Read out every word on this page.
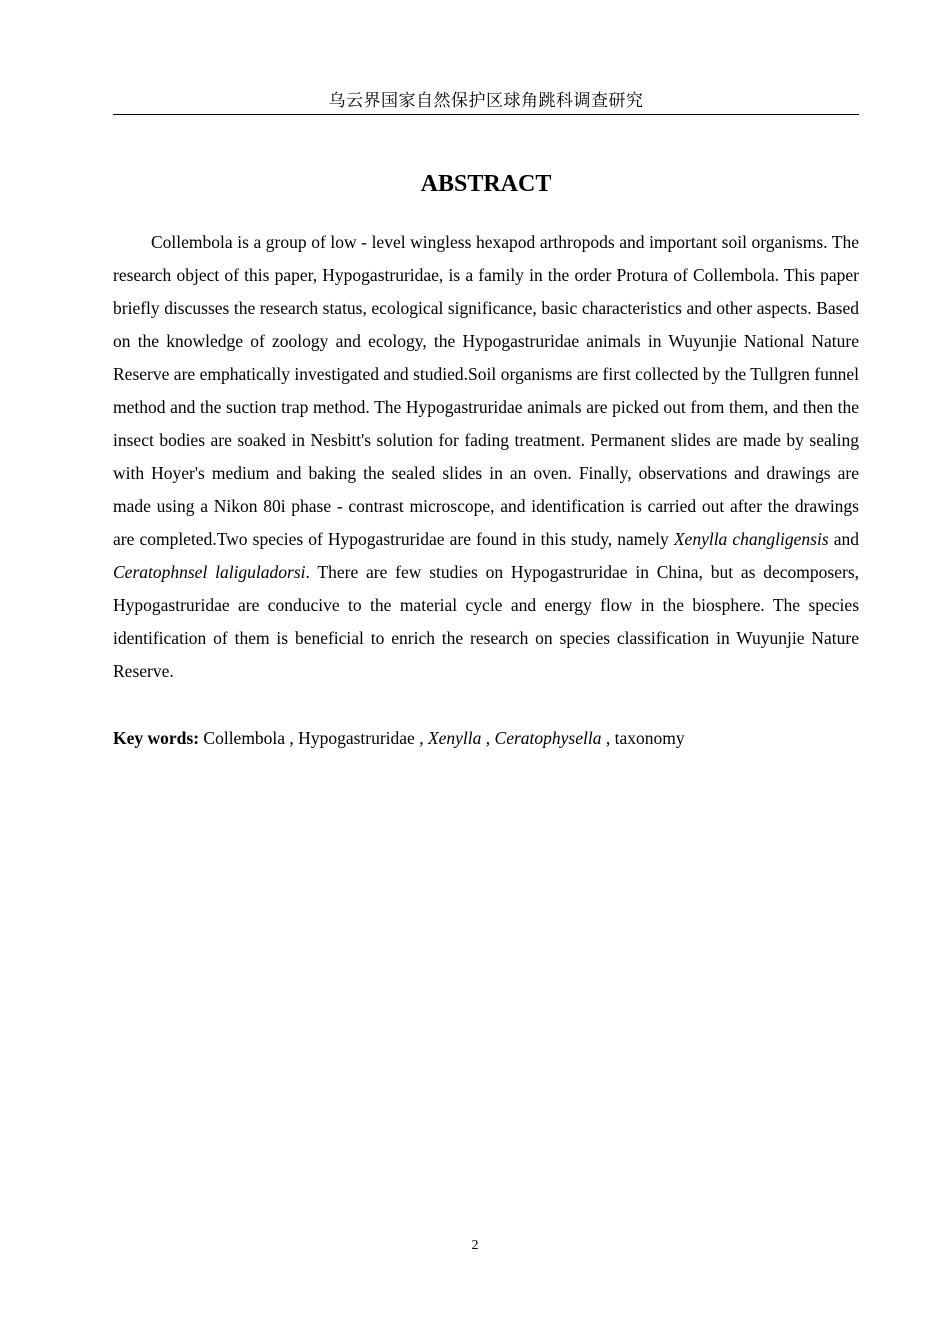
乌云界国家自然保护区球角跳科调查研究
ABSTRACT

Collembola is a group of low - level wingless hexapod arthropods and important soil organisms. The research object of this paper, Hypogastruridae, is a family in the order Protura of Collembola. This paper briefly discusses the research status, ecological significance, basic characteristics and other aspects. Based on the knowledge of zoology and ecology, the Hypogastruridae animals in Wuyunjie National Nature Reserve are emphatically investigated and studied.Soil organisms are first collected by the Tullgren funnel method and the suction trap method. The Hypogastruridae animals are picked out from them, and then the insect bodies are soaked in Nesbitt's solution for fading treatment. Permanent slides are made by sealing with Hoyer's medium and baking the sealed slides in an oven. Finally, observations and drawings are made using a Nikon 80i phase - contrast microscope, and identification is carried out after the drawings are completed.Two species of Hypogastruridae are found in this study, namely Xenylla changligensis and Ceratophnsel laliguladorsi. There are few studies on Hypogastruridae in China, but as decomposers, Hypogastruridae are conducive to the material cycle and energy flow in the biosphere. The species identification of them is beneficial to enrich the research on species classification in Wuyunjie Nature Reserve.

Key words: Collembola , Hypogastruridae , Xenylla , Ceratophysella , taxonomy

2
